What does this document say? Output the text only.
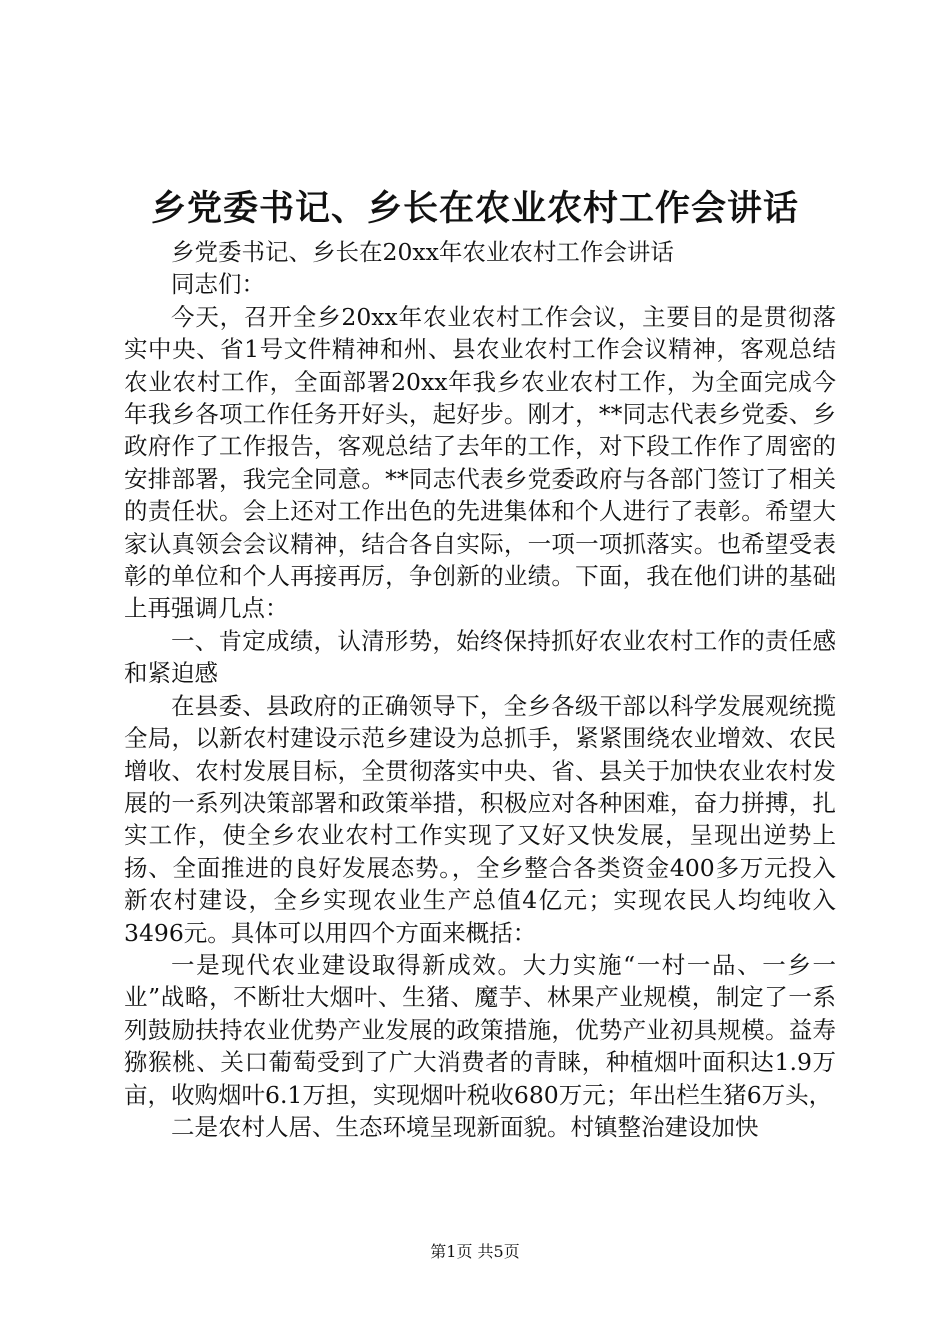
乡党委书记、乡长在农业农村工作会讲话

乡党委书记、乡长在20xx年农业农村工作会讲话

同志们：

今天，召开全乡20xx年农业农村工作会议，主要目的是贯彻落实中央、省1号文件精神和州、县农业农村工作会议精神，客观总结农业农村工作，全面部署20xx年我乡农业农村工作，为全面完成今年我乡各项工作任务开好头，起好步。刚才，**同志代表乡党委、乡政府作了工作报告，客观总结了去年的工作，对下段工作作了周密的安排部署，我完全同意。**同志代表乡党委政府与各部门签订了相关的责任状。会上还对工作出色的先进集体和个人进行了表彰。希望大家认真领会会议精神，结合各自实际，一项一项抓落实。也希望受表彰的单位和个人再接再厉，争创新的业绩。下面，我在他们讲的基础上再强调几点：

一、肯定成绩，认清形势，始终保持抓好农业农村工作的责任感和紧迫感

在县委、县政府的正确领导下，全乡各级干部以科学发展观统揽全局，以新农村建设示范乡建设为总抓手，紧紧围绕农业增效、农民增收、农村发展目标，全贯彻落实中央、省、县关于加快农业农村发展的一系列决策部署和政策举措，积极应对各种困难，奋力拼搏，扎实工作，使全乡农业农村工作实现了又好又快发展，呈现出逆势上扬、全面推进的良好发展态势。，全乡整合各类资金400多万元投入新农村建设，全乡实现农业生产总值4亿元；实现农民人均纯收入3496元。具体可以用四个方面来概括：

一是现代农业建设取得新成效。大力实施“一村一品、一乡一业”战略，不断壮大烟叶、生猪、魔芋、林果产业规模，制定了一系列鼓励扶持农业优势产业发展的政策措施，优势产业初具规模。益寿猕猴桃、关口葡萄受到了广大消费者的青睐，种植烟叶面积达1.9万亩，收购烟叶6.1万担，实现烟叶税收680万元；年出栏生猪6万头，

二是农村人居、生态环境呈现新面貌。村镇整治建设加快

第1页 共5页
